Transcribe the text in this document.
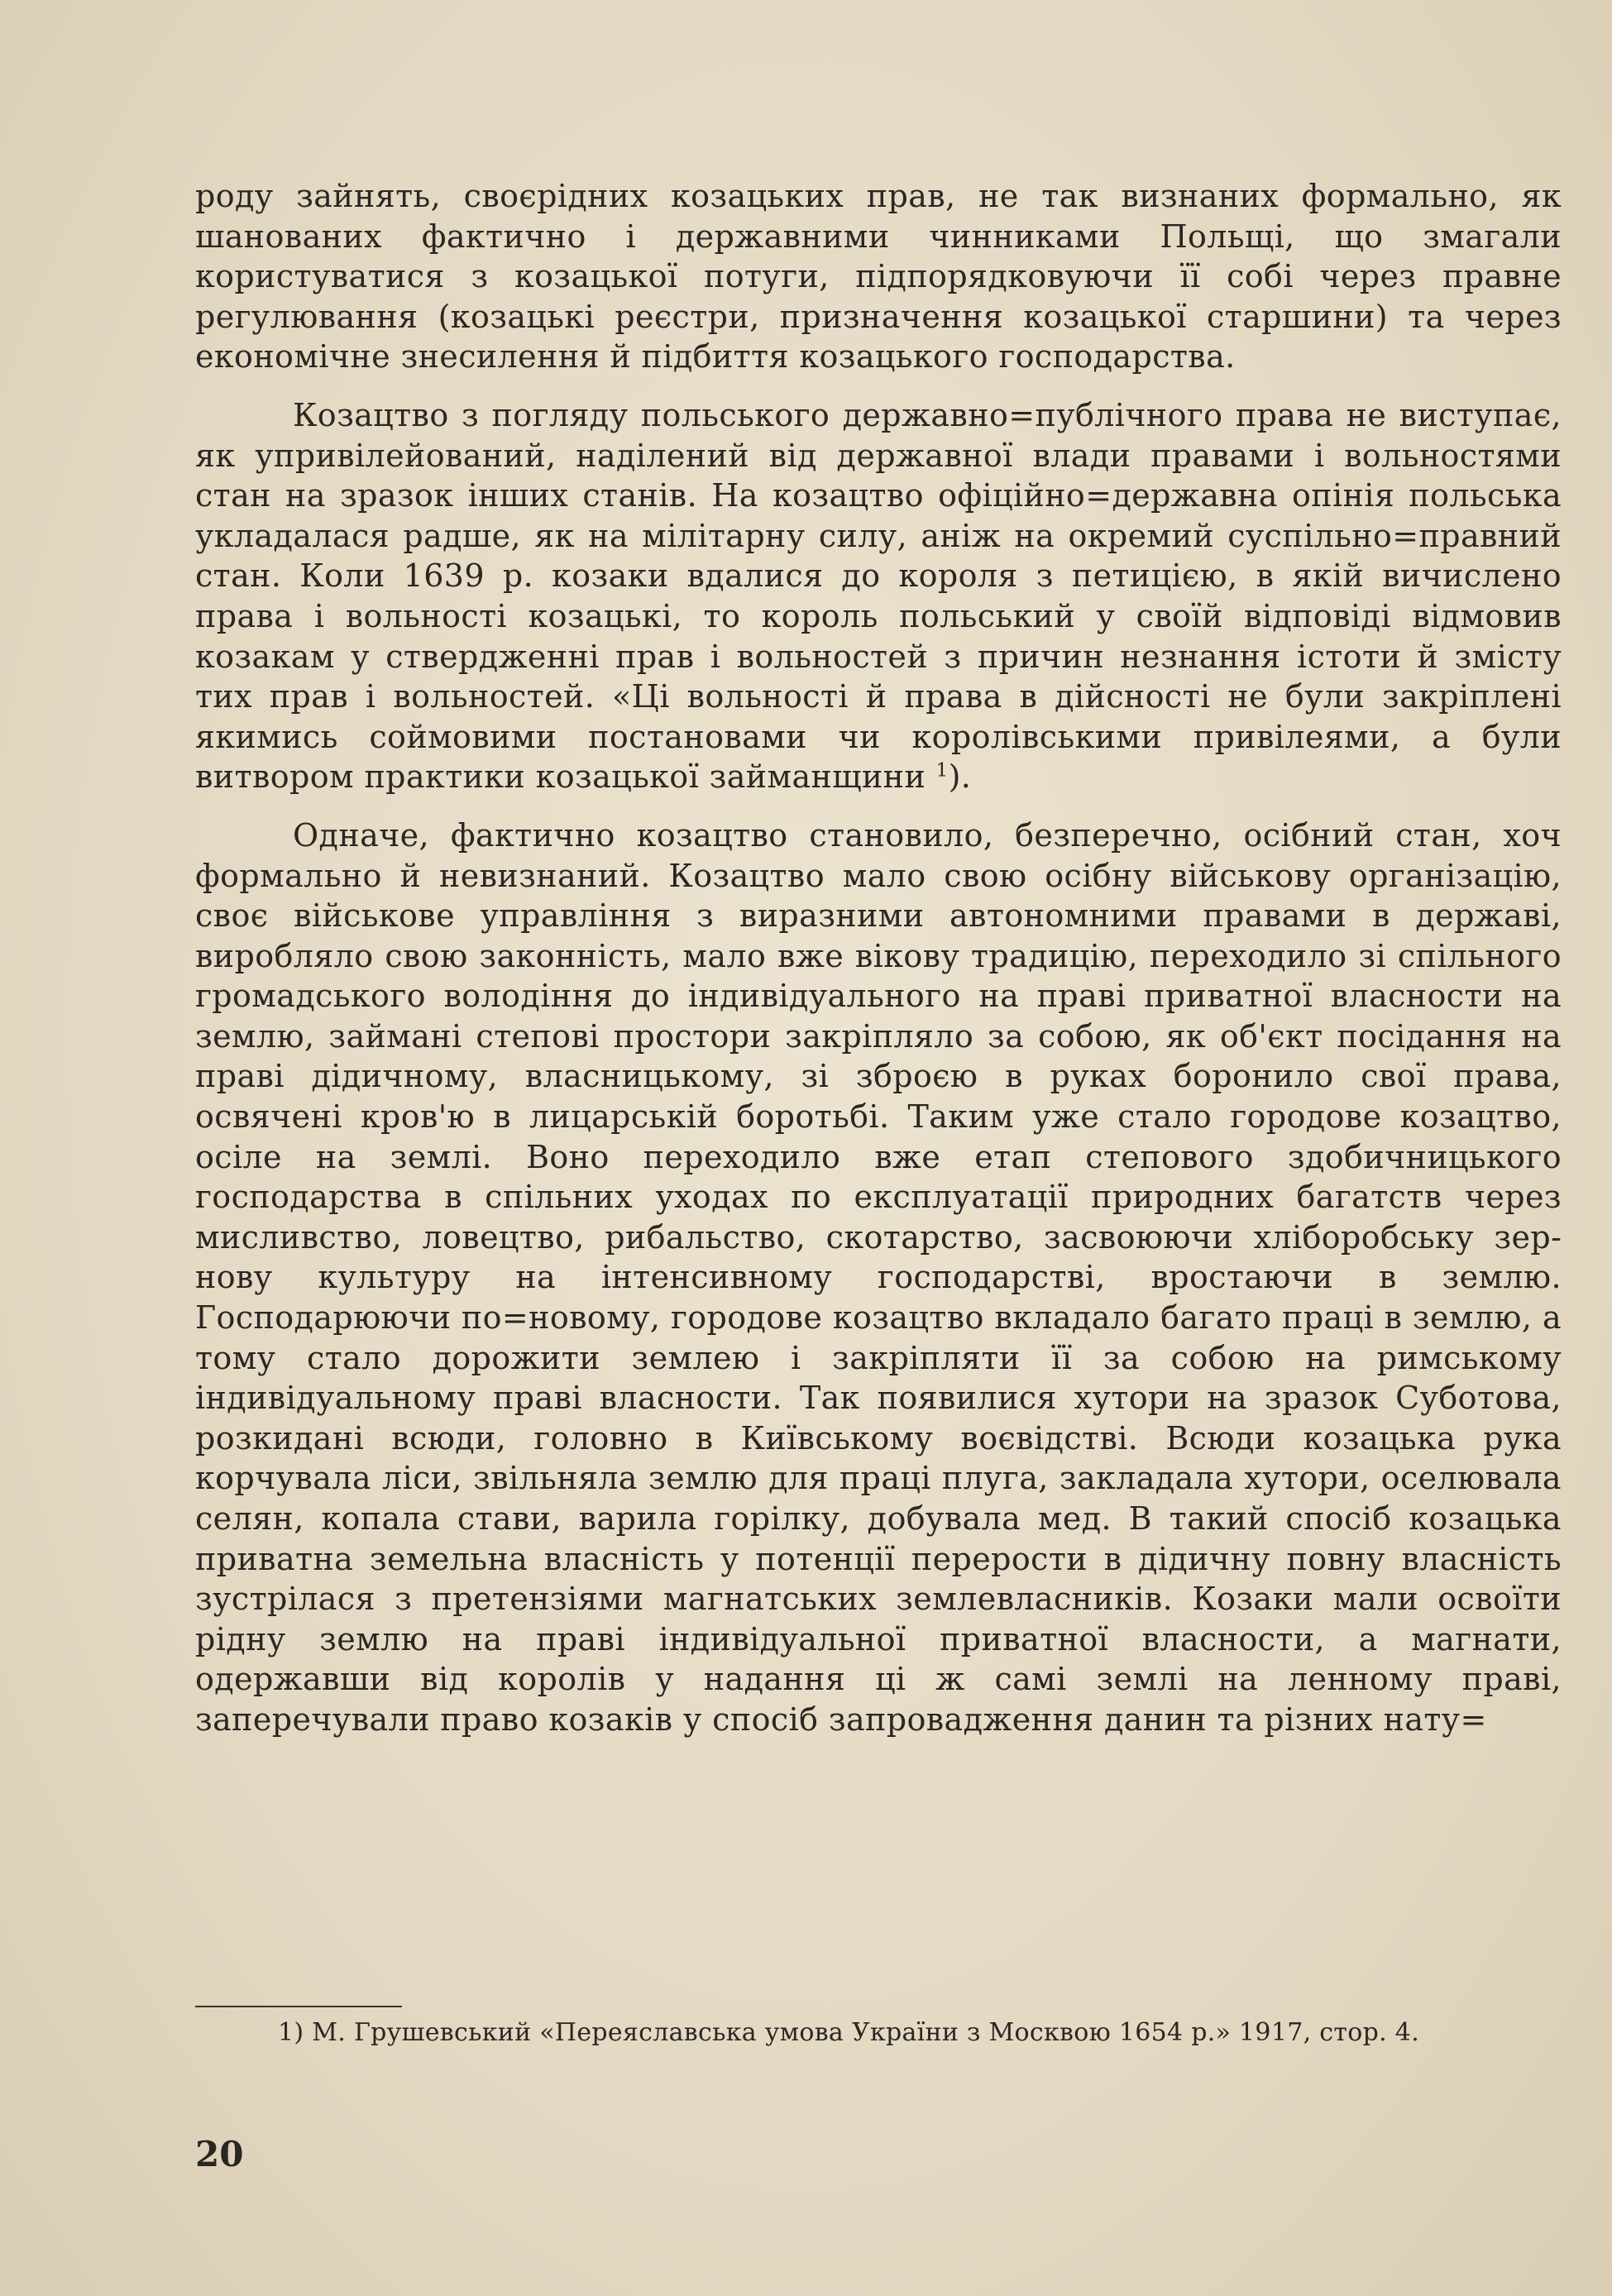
роду зайнять, своєрідних козацьких прав, не так визнаних формально, як шанованих фактично і державними чинниками Польщі, що змагали користуватися з козацької потуги, підпорядковуючи її собі через правне регулювання (козацькі реєстри, призначення козацької старшини) та через економічне знесилення й підбиття козацького господарства.

Козацтво з погляду польського державно=публічного права не виступає, як упривілейований, наділений від державної влади правами і вольностями стан на зразок інших станів. На козацтво офіційно=державна опінія польська укладалася радше, як на мілітарну силу, аніж на окремий суспільно=правний стан. Коли 1639 р. козаки вдалися до короля з петицією, в якій вичислено права і вольності козацькі, то король польський у своїй відповіді відмовив козакам у ствердженні прав і вольностей з причин незнання істоти й змісту тих прав і вольностей. «Ці вольності й права в дійсності не були закріплені якимись соймовими постановами чи королівськими привілеями, а були витвором практики козацької займанщини $^1$).

Одначе, фактично козацтво становило, безперечно, осібний стан, хоч формально й невизнаний. Козацтво мало свою осібну військову організацію, своє військове управління з виразними автономними правами в державі, виробляло свою законність, мало вже вікову традицію, переходило зі спільного громадського володіння до індивідуального на праві приватної власности на землю, займані степові простори закріпляло за собою, як об'єкт посідання на праві дідичному, власницькому, зі зброєю в руках боронило свої права, освячені кров'ю в лицарській боротьбі. Таким уже стало городове козацтво, осіле на землі. Воно переходило вже етап степового здобичницького господарства в спільних уходах по експлуатації природних багатств через мисливство, ловецтво, рибальство, скотарство, засвоюючи хліборобську зернову культуру на інтенсивному господарстві, вростаючи в землю. Господарюючи по=новому, городове козацтво вкладало багато праці в землю, а тому стало дорожити землею і закріпляти її за собою на римському індивідуальному праві власности. Так появилися хутори на зразок Суботова, розкидані всюди, головно в Київському воєвідстві. Всюди козацька рука корчувала ліси, звільняла землю для праці плуга, закладала хутори, оселювала селян, копала стави, варила горілку, добувала мед. В такий спосіб козацька приватна земельна власність у потенції перерости в дідичну повну власність зустрілася з претензіями магнатських землевласників. Козаки мали освоїти рідну землю на праві індивідуальної приватної власности, а магнати, одержавши від королів у надання ці ж самі землі на ленному праві, заперечували право козаків у спосіб запровадження данин та різних нату=

1) М. Грушевський «Переяславська умова України з Москвою 1654 р.» 1917, стор. 4.
20
